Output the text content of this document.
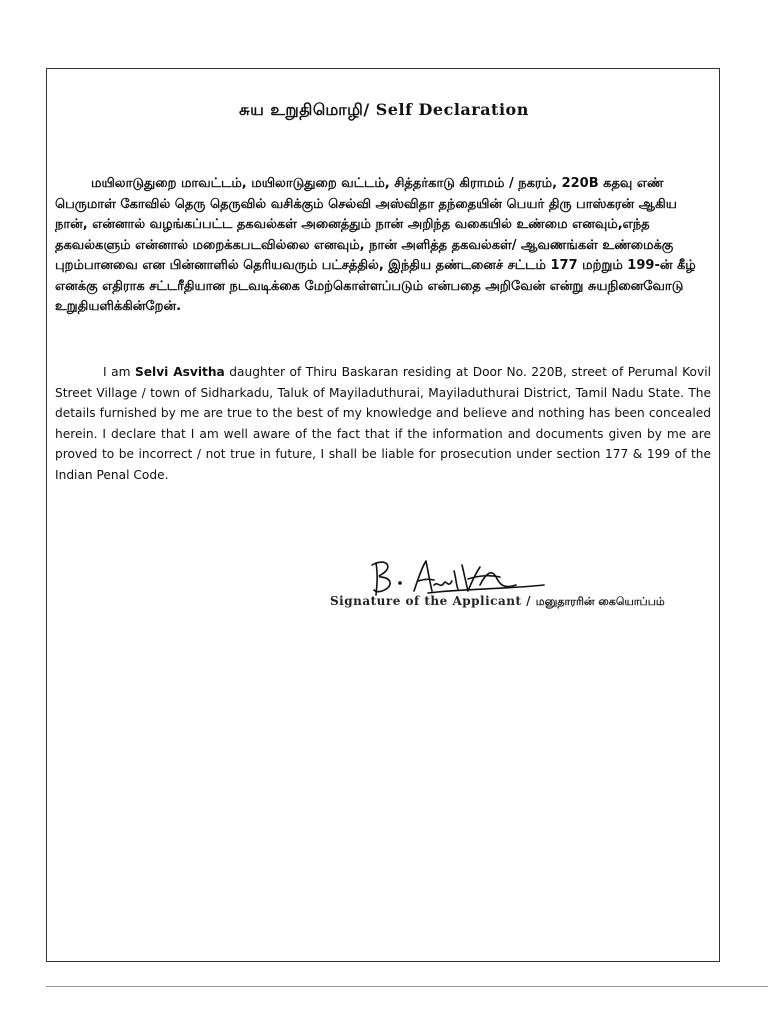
சுய உறுதிமொழி/ Self Declaration

மயிலாடுதுறை மாவட்டம், மயிலாடுதுறை வட்டம், சித்தர்காடு கிராமம் / நகரம், 220B கதவு எண் பெருமாள் கோவில் தெரு தெருவில் வசிக்கும் செல்வி அஸ்விதா தந்தையின் பெயர் திரு பாஸ்கரன் ஆகிய நான், என்னால் வழங்கப்பட்ட தகவல்கள் அனைத்தும் நான் அறிந்த வகையில் உண்மை எனவும்,எந்த தகவல்களும் என்னால் மறைக்கபடவில்லை எனவும், நான் அளித்த தகவல்கள்/ ஆவணங்கள் உண்மைக்கு புறம்பானவை என பின்னாளில் தெரியவரும் பட்சத்தில், இந்திய தண்டனைச் சட்டம் 177 மற்றும் 199-ன் கீழ் எனக்கு எதிராக சட்டரீதியான நடவடிக்கை மேற்கொள்ளப்படும் என்பதை அறிவேன் என்று சுயநினைவோடு உறுதியளிக்கின்றேன்.

I am Selvi Asvitha daughter of Thiru Baskaran residing at Door No. 220B, street of Perumal Kovil Street Village / town of Sidharkadu, Taluk of Mayiladuthurai, Mayiladuthurai District, Tamil Nadu State. The details furnished by me are true to the best of my knowledge and believe and nothing has been concealed herein. I declare that I am well aware of the fact that if the information and documents given by me are proved to be incorrect / not true in future, I shall be liable for prosecution under section 177 & 199 of the Indian Penal Code.

Signature of the Applicant / மனுதாரரின் கையொப்பம்
